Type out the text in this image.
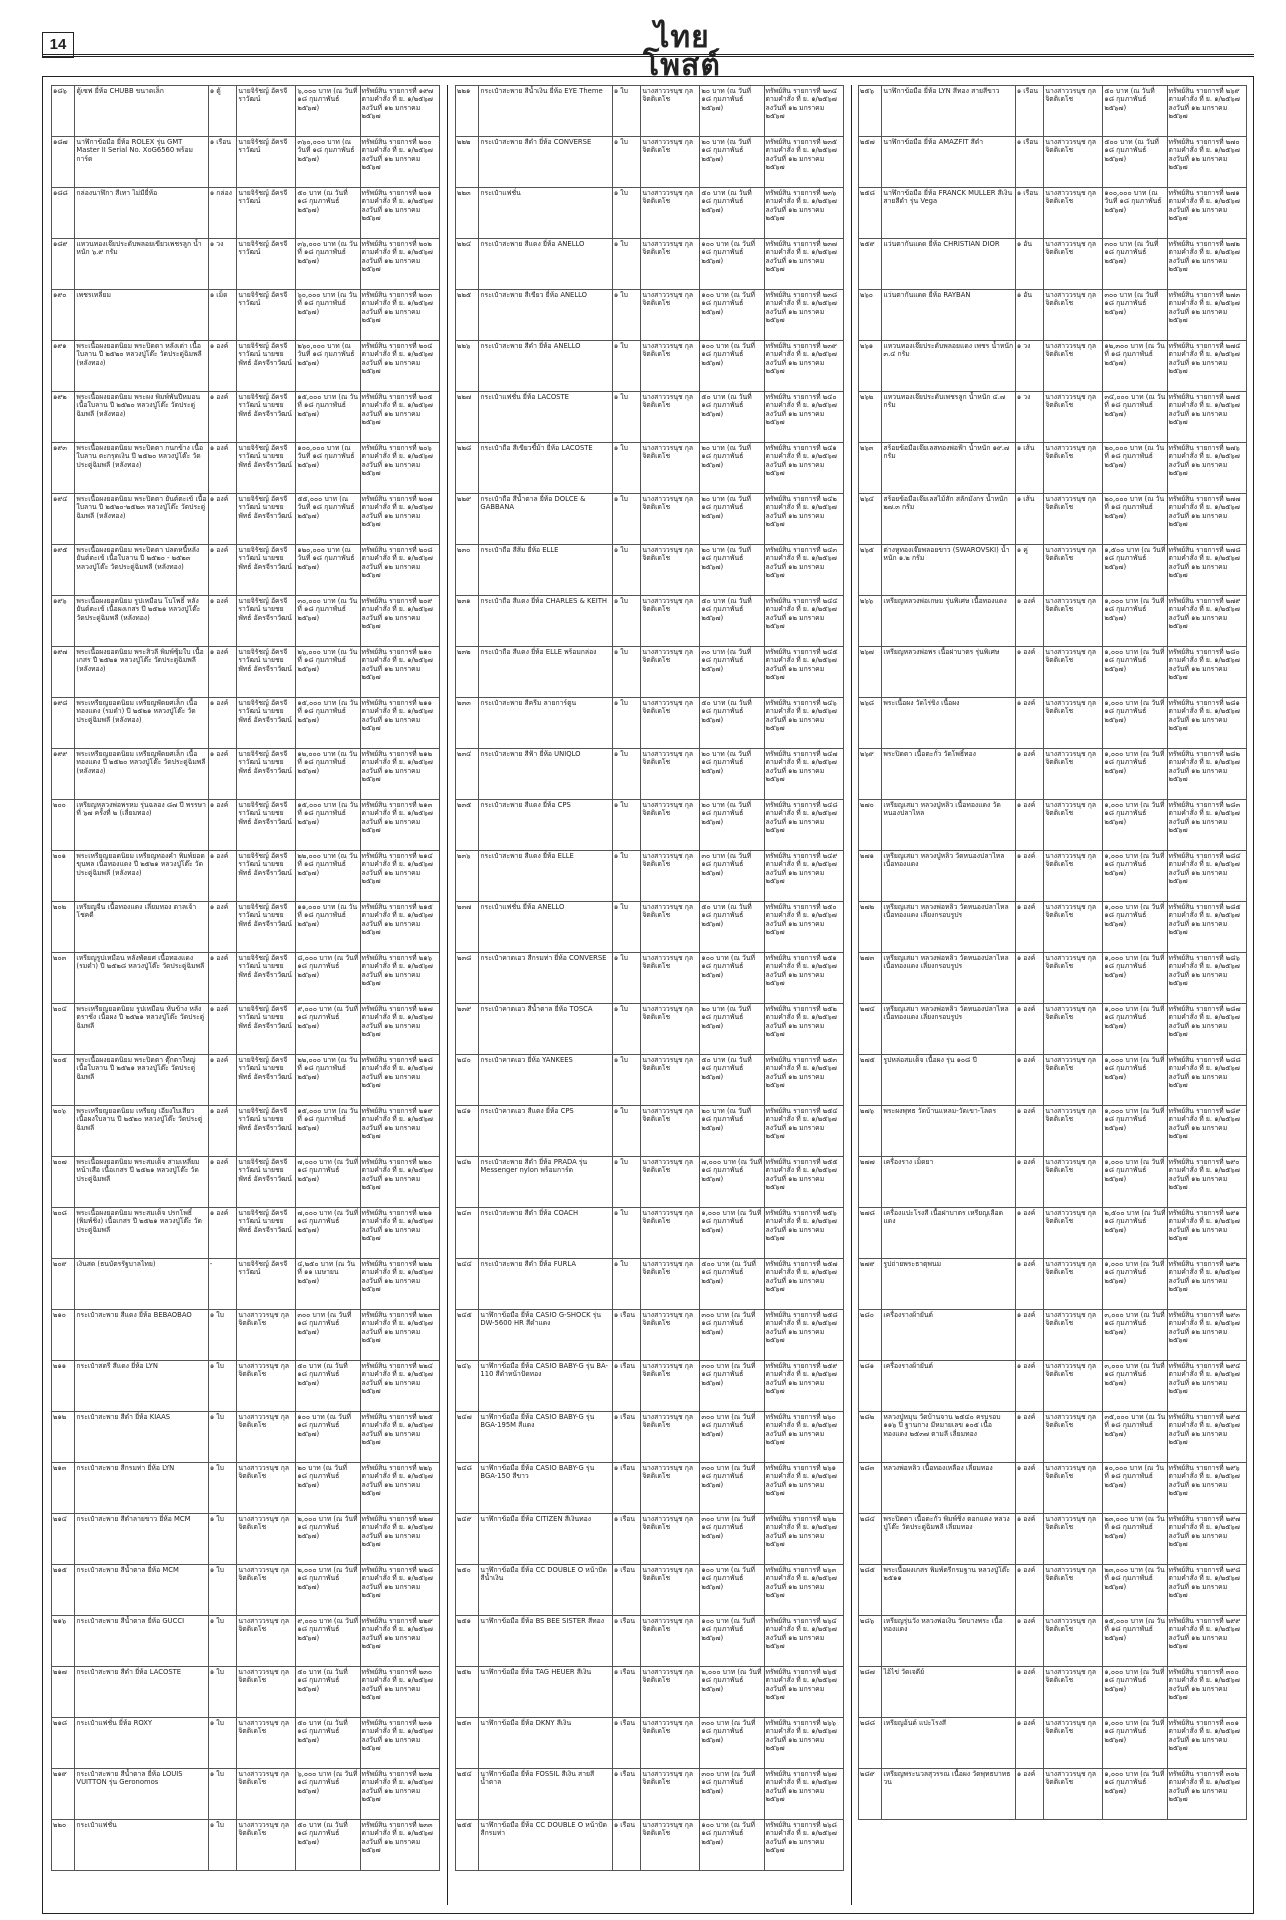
14	ไทยโพสต์
๑๘๖	ตู้เซฟ ยี่ห้อ CHUBB ขนาดเล็ก	๑ ตู้	นายจิรัชญ์ อัครจีราวัฒน์	๖,๐๐๐ บาท (ณ วันที่ ๑๘ กุมภาพันธ์ ๒๕๖๗)	ทรัพย์สิน รายการที่ ๑๙๗ ตามคำสั่ง ที่ ย. ๑/๒๕๖๗ ลงวันที่ ๑๒ มกราคม ๒๕๖๗
๑๘๗	นาฬิกาข้อมือ ยี่ห้อ ROLEX รุ่น GMT Master II Serial No. XoG6560 พร้อมการ์ด	๑ เรือน	นายจิรัชญ์ อัครจีราวัฒน์	๓๖๐,๐๐๐ บาท (ณ วันที่ ๑๘ กุมภาพันธ์ ๒๕๖๗)	ทรัพย์สิน รายการที่ ๒๐๐ ตามคำสั่ง ที่ ย. ๑/๒๕๖๗ ลงวันที่ ๑๒ มกราคม ๒๕๖๗
๑๘๘	กล่องนาฬิกา สีเทา ไม่มียี่ห้อ	๑ กล่อง	นายจิรัชญ์ อัครจีราวัฒน์	๕๐ บาท (ณ วันที่ ๑๘ กุมภาพันธ์ ๒๕๖๗)	ทรัพย์สิน รายการที่ ๒๐๑ ตามคำสั่ง ที่ ย. ๑/๒๕๖๗ ลงวันที่ ๑๒ มกราคม ๒๕๖๗
๑๘๙	แหวนทองเจ๊ยประดับพลอยเขียวเพชรลูก น้ำหนัก ๖.๙ กรัม	๑ วง	นายจิรัชญ์ อัครจีราวัฒน์	๓๖,๐๐๐ บาท (ณ วันที่ ๑๘ กุมภาพันธ์ ๒๕๖๗)	ทรัพย์สิน รายการที่ ๒๐๒ ตามคำสั่ง ที่ ย. ๑/๒๕๖๗ ลงวันที่ ๑๒ มกราคม ๒๕๖๗
๑๙๐	เพชรเหลี่ยม	๑ เม็ด	นายจิรัชญ์ อัครจีราวัฒน์	๖๐,๐๐๐ บาท (ณ วันที่ ๑๘ กุมภาพันธ์ ๒๕๖๗)	ทรัพย์สิน รายการที่ ๒๐๓ ตามคำสั่ง ที่ ย. ๑/๒๕๖๗ ลงวันที่ ๑๒ มกราคม ๒๕๖๗
๑๙๑	พระเนื้อผงยอดนิยม พระปิดตา หลังเต่า เนื้อใบลาน ปี ๒๕๒๐ หลวงปู่โต๊ะ วัดประดู่ฉิมพลี (หลังทอง)	๑ องค์	นายจิรัชญ์ อัครจีราวัฒน์ นายชยพัทธ์ อัครจีราวัฒน์	๒๖๐,๐๐๐ บาท (ณ วันที่ ๑๘ กุมภาพันธ์ ๒๕๖๗)	ทรัพย์สิน รายการที่ ๒๐๔ ตามคำสั่ง ที่ ย. ๑/๒๕๖๗ ลงวันที่ ๑๒ มกราคม ๒๕๖๗
๑๙๒	พระเนื้อผงยอดนิยม พระผง พิมพ์พันปีหมอน เนื้อใบลาน ปี ๒๕๒๐ หลวงปู่โต๊ะ วัดประดู่ฉิมพลี (หลังทอง)	๑ องค์	นายจิรัชญ์ อัครจีราวัฒน์ นายชยพัทธ์ อัครจีราวัฒน์	๑๕,๐๐๐ บาท (ณ วันที่ ๑๘ กุมภาพันธ์ ๒๕๖๗)	ทรัพย์สิน รายการที่ ๒๐๕ ตามคำสั่ง ที่ ย. ๑/๒๕๖๗ ลงวันที่ ๑๒ มกราคม ๒๕๖๗
๑๙๓	พระเนื้อผงยอดนิยม พระปิดตา กนกข้าง เนื้อใบลาน ตะกรุดเงิน ปี ๒๕๒๐ หลวงปู่โต๊ะ วัดประดู่ฉิมพลี (หลังทอง)	๑ องค์	นายจิรัชญ์ อัครจีราวัฒน์ นายชยพัทธ์ อัครจีราวัฒน์	๑๐๐,๐๐๐ บาท (ณ วันที่ ๑๘ กุมภาพันธ์ ๒๕๖๗)	ทรัพย์สิน รายการที่ ๒๐๖ ตามคำสั่ง ที่ ย. ๑/๒๕๖๗ ลงวันที่ ๑๒ มกราคม ๒๕๖๗
๑๙๔	พระเนื้อผงยอดนิยม พระปิดตา ยันต์ตะเข้ เนื้อใบลาน ปี ๒๕๒๐-๒๕๒๓ หลวงปู่โต๊ะ วัดประดู่ฉิมพลี (หลังทอง)	๑ องค์	นายจิรัชญ์ อัครจีราวัฒน์ นายชยพัทธ์ อัครจีราวัฒน์	๕๕,๐๐๐ บาท (ณ วันที่ ๑๘ กุมภาพันธ์ ๒๕๖๗)	ทรัพย์สิน รายการที่ ๒๐๗ ตามคำสั่ง ที่ ย. ๑/๒๕๖๗ ลงวันที่ ๑๒ มกราคม ๒๕๖๗
๑๙๕	พระเนื้อผงยอดนิยม พระปิดตา ปลดหนี้หลังยันต์ตะเข้ เนื้อใบลาน ปี ๒๕๒๐ - ๒๕๒๓ หลวงปู่โต๊ะ วัดประดู่ฉิมพลี (หลังทอง)	๑ องค์	นายจิรัชญ์ อัครจีราวัฒน์ นายชยพัทธ์ อัครจีราวัฒน์	๑๒๐,๐๐๐ บาท (ณ วันที่ ๑๘ กุมภาพันธ์ ๒๕๖๗)	ทรัพย์สิน รายการที่ ๒๐๘ ตามคำสั่ง ที่ ย. ๑/๒๕๖๗ ลงวันที่ ๑๒ มกราคม ๒๕๖๗
๑๙๖	พระเนื้อผงยอดนิยม รูปเหมือน โบโพธิ์ หลังยันต์ตะเข้ เนื้อผงเกสร ปี ๒๕๒๑ หลวงปู่โต๊ะ วัดประดู่ฉิมพลี (หลังทอง)	๑ องค์	นายจิรัชญ์ อัครจีราวัฒน์ นายชยพัทธ์ อัครจีราวัฒน์	๓๐,๐๐๐ บาท (ณ วันที่ ๑๘ กุมภาพันธ์ ๒๕๖๗)	ทรัพย์สิน รายการที่ ๒๐๙ ตามคำสั่ง ที่ ย. ๑/๒๕๖๗ ลงวันที่ ๑๒ มกราคม ๒๕๖๗
๑๙๗	พระเนื้อผงยอดนิยม พระสิวลี พิมพ์ซุ้มใบ เนื้อเกสร ปี ๒๕๒๑ หลวงปู่โต๊ะ วัดประดู่ฉิมพลี (หลังทอง)	๑ องค์	นายจิรัชญ์ อัครจีราวัฒน์ นายชยพัทธ์ อัครจีราวัฒน์	๒๖,๐๐๐ บาท (ณ วันที่ ๑๘ กุมภาพันธ์ ๒๕๖๗)	ทรัพย์สิน รายการที่ ๒๑๐ ตามคำสั่ง ที่ ย. ๑/๒๕๖๗ ลงวันที่ ๑๒ มกราคม ๒๕๖๗
๑๙๘	พระเหรียญยอดนิยม เหรียญพัดยศเล็ก เนื้อทองแดง (รมดำ) ปี ๒๕๒๑ หลวงปู่โต๊ะ วัดประดู่ฉิมพลี (หลังทอง)	๑ องค์	นายจิรัชญ์ อัครจีราวัฒน์ นายชยพัทธ์ อัครจีราวัฒน์	๑๕,๐๐๐ บาท (ณ วันที่ ๑๘ กุมภาพันธ์ ๒๕๖๗)	ทรัพย์สิน รายการที่ ๒๑๑ ตามคำสั่ง ที่ ย. ๑/๒๕๖๗ ลงวันที่ ๑๒ มกราคม ๒๕๖๗
๑๙๙	พระเหรียญยอดนิยม เหรียญพัดยศเล็ก เนื้อทองแดง ปี ๒๕๒๐ หลวงปู่โต๊ะ วัดประดู่ฉิมพลี (หลังทอง)	๑ องค์	นายจิรัชญ์ อัครจีราวัฒน์ นายชยพัทธ์ อัครจีราวัฒน์	๑๒,๐๐๐ บาท (ณ วันที่ ๑๘ กุมภาพันธ์ ๒๕๖๗)	ทรัพย์สิน รายการที่ ๒๑๒ ตามคำสั่ง ที่ ย. ๑/๒๕๖๗ ลงวันที่ ๑๒ มกราคม ๒๕๖๗
๒๐๐	เหรียญหลวงพ่อพรหม รุ่นฉลอง ๘๗ ปี พรรษาที่ ๖๗ ครั้งที่ ๒ (เลี่ยมทอง)	๑ องค์	นายจิรัชญ์ อัครจีราวัฒน์ นายชยพัทธ์ อัครจีราวัฒน์	๑๕,๐๐๐ บาท (ณ วันที่ ๑๘ กุมภาพันธ์ ๒๕๖๗)	ทรัพย์สิน รายการที่ ๒๑๓ ตามคำสั่ง ที่ ย. ๑/๒๕๖๗ ลงวันที่ ๑๒ มกราคม ๒๕๖๗
๒๐๑	พระเหรียญยอดนิยม เหรียญทองคำ พิมพ์ยอดขุนพล เนื้อทองแดง ปี ๒๕๒๑ หลวงปู่โต๊ะ วัดประดู่ฉิมพลี (หลังทอง)	๑ องค์	นายจิรัชญ์ อัครจีราวัฒน์ นายชยพัทธ์ อัครจีราวัฒน์	๒๒,๐๐๐ บาท (ณ วันที่ ๑๘ กุมภาพันธ์ ๒๕๖๗)	ทรัพย์สิน รายการที่ ๒๑๔ ตามคำสั่ง ที่ ย. ๑/๒๕๖๗ ลงวันที่ ๑๒ มกราคม ๒๕๖๗
๒๐๒	เหรียญจีน เนื้อทองแดง เลี่ยมทอง ตาลเจ้าโชคดี	๑ องค์	นายจิรัชญ์ อัครจีราวัฒน์ นายชยพัทธ์ อัครจีราวัฒน์	๑๑,๐๐๐ บาท (ณ วันที่ ๑๘ กุมภาพันธ์ ๒๕๖๗)	ทรัพย์สิน รายการที่ ๒๑๕ ตามคำสั่ง ที่ ย. ๑/๒๕๖๗ ลงวันที่ ๑๒ มกราคม ๒๕๖๗
๒๐๓	เหรียญรูปเหมือน หลังพัดยศ เนื้อทองแดง (รมดำ) ปี ๒๕๒๘ หลวงปู่โต๊ะ วัดประดู่ฉิมพลี	๑ องค์	นายจิรัชญ์ อัครจีราวัฒน์ นายชยพัทธ์ อัครจีราวัฒน์	๘,๐๐๐ บาท (ณ วันที่ ๑๘ กุมภาพันธ์ ๒๕๖๗)	ทรัพย์สิน รายการที่ ๒๑๖ ตามคำสั่ง ที่ ย. ๑/๒๕๖๗ ลงวันที่ ๑๒ มกราคม ๒๕๖๗
๒๐๔	พระเหรียญยอดนิยม รูปเหมือน หันข้าง หลังตราชั่ง เนื้อผง ปี ๒๕๒๑ หลวงปู่โต๊ะ วัดประดู่ฉิมพลี	๑ องค์	นายจิรัชญ์ อัครจีราวัฒน์ นายชยพัทธ์ อัครจีราวัฒน์	๙,๐๐๐ บาท (ณ วันที่ ๑๘ กุมภาพันธ์ ๒๕๖๗)	ทรัพย์สิน รายการที่ ๒๑๗ ตามคำสั่ง ที่ ย. ๑/๒๕๖๗ ลงวันที่ ๑๒ มกราคม ๒๕๖๗
๒๐๕	พระเนื้อผงยอดนิยม พระปิดตา ตุ๊กตาใหญ่ เนื้อใบลาน ปี ๒๕๒๑ หลวงปู่โต๊ะ วัดประดู่ฉิมพลี	๑ องค์	นายจิรัชญ์ อัครจีราวัฒน์ นายชยพัทธ์ อัครจีราวัฒน์	๒๒,๐๐๐ บาท (ณ วันที่ ๑๘ กุมภาพันธ์ ๒๕๖๗)	ทรัพย์สิน รายการที่ ๒๑๘ ตามคำสั่ง ที่ ย. ๑/๒๕๖๗ ลงวันที่ ๑๒ มกราคม ๒๕๖๗
๒๐๖	พระเหรียญยอดนิยม เหรียญ เอียงใบเสียว เนื้อผงใบลาน ปี ๒๕๒๐ หลวงปู่โต๊ะ วัดประดู่ฉิมพลี	๑ องค์	นายจิรัชญ์ อัครจีราวัฒน์ นายชยพัทธ์ อัครจีราวัฒน์	๑๕,๐๐๐ บาท (ณ วันที่ ๑๘ กุมภาพันธ์ ๒๕๖๗)	ทรัพย์สิน รายการที่ ๒๑๙ ตามคำสั่ง ที่ ย. ๑/๒๕๖๗ ลงวันที่ ๑๒ มกราคม ๒๕๖๗
๒๐๗	พระเนื้อผงยอดนิยม พระสมเด็จ สามเหลี่ยมหน้าเสือ เนื้อเกสร ปี ๒๕๒๑ หลวงปู่โต๊ะ วัดประดู่ฉิมพลี	๑ องค์	นายจิรัชญ์ อัครจีราวัฒน์ นายชยพัทธ์ อัครจีราวัฒน์	๗,๐๐๐ บาท (ณ วันที่ ๑๘ กุมภาพันธ์ ๒๕๖๗)	ทรัพย์สิน รายการที่ ๒๒๐ ตามคำสั่ง ที่ ย. ๑/๒๕๖๗ ลงวันที่ ๑๒ มกราคม ๒๕๖๗
๒๐๘	พระเนื้อผงยอดนิยม พระสมเด็จ ปรกโพธิ์ (พิมพ์ชิ่ง) เนื้อเกสร ปี ๒๕๒๑ หลวงปู่โต๊ะ วัดประดู่ฉิมพลี	๑ องค์	นายจิรัชญ์ อัครจีราวัฒน์ นายชยพัทธ์ อัครจีราวัฒน์	๗,๐๐๐ บาท (ณ วันที่ ๑๘ กุมภาพันธ์ ๒๕๖๗)	ทรัพย์สิน รายการที่ ๒๒๑ ตามคำสั่ง ที่ ย. ๑/๒๕๖๗ ลงวันที่ ๑๒ มกราคม ๒๕๖๗
๒๐๙	เงินสด (ธนบัตรรัฐบาลไทย)	-	นายจิรัชญ์ อัครจีราวัฒน์	๔,๒๕๐ บาท (ณ วันที่ ๑๑ เมษายน ๒๕๖๗)	ทรัพย์สิน รายการที่ ๒๒๒ ตามคำสั่ง ที่ ย. ๑/๒๕๖๗ ลงวันที่ ๑๒ มกราคม ๒๕๖๗
๒๑๐	กระเป๋าสะพาย สีแดง ยี่ห้อ BEBAOBAO	๑ ใบ	นางสาววรนุช กุลจิตติเดโช	๓๐๐ บาท (ณ วันที่ ๑๘ กุมภาพันธ์ ๒๕๖๗)	ทรัพย์สิน รายการที่ ๒๒๓ ตามคำสั่ง ที่ ย. ๑/๒๕๖๗ ลงวันที่ ๑๒ มกราคม ๒๕๖๗
๒๑๑	กระเป๋าสตรี สีแดง ยี่ห้อ LYN	๑ ใบ	นางสาววรนุช กุลจิตติเดโช	๕๐ บาท (ณ วันที่ ๑๘ กุมภาพันธ์ ๒๕๖๗)	ทรัพย์สิน รายการที่ ๒๒๔ ตามคำสั่ง ที่ ย. ๑/๒๕๖๗ ลงวันที่ ๑๒ มกราคม ๒๕๖๗
๒๑๒	กระเป๋าสะพาย สีดำ ยี่ห้อ KIAAS	๑ ใบ	นางสาววรนุช กุลจิตติเดโช	๑๐๐ บาท (ณ วันที่ ๑๘ กุมภาพันธ์ ๒๕๖๗)	ทรัพย์สิน รายการที่ ๒๒๕ ตามคำสั่ง ที่ ย. ๑/๒๕๖๗ ลงวันที่ ๑๒ มกราคม ๒๕๖๗
๒๑๓	กระเป๋าสะพาย สีกรมท่า ยี่ห้อ LYN	๑ ใบ	นางสาววรนุช กุลจิตติเดโช	๒๐ บาท (ณ วันที่ ๑๘ กุมภาพันธ์ ๒๕๖๗)	ทรัพย์สิน รายการที่ ๒๒๖ ตามคำสั่ง ที่ ย. ๑/๒๕๖๗ ลงวันที่ ๑๒ มกราคม ๒๕๖๗
๒๑๔	กระเป๋าสะพาย สีดำลายขาว ยี่ห้อ MCM	๑ ใบ	นางสาววรนุช กุลจิตติเดโช	๒,๐๐๐ บาท (ณ วันที่ ๑๘ กุมภาพันธ์ ๒๕๖๗)	ทรัพย์สิน รายการที่ ๒๒๗ ตามคำสั่ง ที่ ย. ๑/๒๕๖๗ ลงวันที่ ๑๒ มกราคม ๒๕๖๗
๒๑๕	กระเป๋าสะพาย สีน้ำตาล ยี่ห้อ MCM	๑ ใบ	นางสาววรนุช กุลจิตติเดโช	๒,๐๐๐ บาท (ณ วันที่ ๑๘ กุมภาพันธ์ ๒๕๖๗)	ทรัพย์สิน รายการที่ ๒๒๘ ตามคำสั่ง ที่ ย. ๑/๒๕๖๗ ลงวันที่ ๑๒ มกราคม ๒๕๖๗
๒๑๖	กระเป๋าสะพาย สีน้ำตาล ยี่ห้อ GUCCI	๑ ใบ	นางสาววรนุช กุลจิตติเดโช	๙,๐๐๐ บาท (ณ วันที่ ๑๘ กุมภาพันธ์ ๒๕๖๗)	ทรัพย์สิน รายการที่ ๒๒๙ ตามคำสั่ง ที่ ย. ๑/๒๕๖๗ ลงวันที่ ๑๒ มกราคม ๒๕๖๗
๒๑๗	กระเป๋าสะพาย สีดำ ยี่ห้อ LACOSTE	๑ ใบ	นางสาววรนุช กุลจิตติเดโช	๕๐ บาท (ณ วันที่ ๑๘ กุมภาพันธ์ ๒๕๖๗)	ทรัพย์สิน รายการที่ ๒๓๐ ตามคำสั่ง ที่ ย. ๑/๒๕๖๗ ลงวันที่ ๑๒ มกราคม ๒๕๖๗
๒๑๘	กระเป๋าแฟชั่น ยี่ห้อ ROXY	๑ ใบ	นางสาววรนุช กุลจิตติเดโช	๕๐ บาท (ณ วันที่ ๑๘ กุมภาพันธ์ ๒๕๖๗)	ทรัพย์สิน รายการที่ ๒๓๑ ตามคำสั่ง ที่ ย. ๑/๒๕๖๗ ลงวันที่ ๑๒ มกราคม ๒๕๖๗
๒๑๙	กระเป๋าสะพาย สีน้ำตาล ยี่ห้อ LOUIS VUITTON รุ่น Geronomos	๑ ใบ	นางสาววรนุช กุลจิตติเดโช	๖,๐๐๐ บาท (ณ วันที่ ๑๘ กุมภาพันธ์ ๒๕๖๗)	ทรัพย์สิน รายการที่ ๒๓๒ ตามคำสั่ง ที่ ย. ๑/๒๕๖๗ ลงวันที่ ๑๒ มกราคม ๒๕๖๗
๒๒๐	กระเป๋าแฟชั่น	๑ ใบ	นางสาววรนุช กุลจิตติเดโช	๕๐ บาท (ณ วันที่ ๑๘ กุมภาพันธ์ ๒๕๖๗)	ทรัพย์สิน รายการที่ ๒๓๓ ตามคำสั่ง ที่ ย. ๑/๒๕๖๗ ลงวันที่ ๑๒ มกราคม ๒๕๖๗
๒๒๑	กระเป๋าสะพาย สีน้ำเงิน ยี่ห้อ EYE Theme	๑ ใบ	นางสาววรนุช กุลจิตติเดโช	๒๐ บาท (ณ วันที่ ๑๘ กุมภาพันธ์ ๒๕๖๗)	ทรัพย์สิน รายการที่ ๒๓๔ ตามคำสั่ง ที่ ย. ๑/๒๕๖๗ ลงวันที่ ๑๒ มกราคม ๒๕๖๗
๒๒๒	กระเป๋าสะพาย สีดำ ยี่ห้อ CONVERSE	๑ ใบ	นางสาววรนุช กุลจิตติเดโช	๒๐ บาท (ณ วันที่ ๑๘ กุมภาพันธ์ ๒๕๖๗)	ทรัพย์สิน รายการที่ ๒๓๕ ตามคำสั่ง ที่ ย. ๑/๒๕๖๗ ลงวันที่ ๑๒ มกราคม ๒๕๖๗
๒๒๓	กระเป๋าแฟชั่น	๑ ใบ	นางสาววรนุช กุลจิตติเดโช	๕๐ บาท (ณ วันที่ ๑๘ กุมภาพันธ์ ๒๕๖๗)	ทรัพย์สิน รายการที่ ๒๓๖ ตามคำสั่ง ที่ ย. ๑/๒๕๖๗ ลงวันที่ ๑๒ มกราคม ๒๕๖๗
๒๒๔	กระเป๋าสะพาย สีแดง ยี่ห้อ ANELLO	๑ ใบ	นางสาววรนุช กุลจิตติเดโช	๑๐๐ บาท (ณ วันที่ ๑๘ กุมภาพันธ์ ๒๕๖๗)	ทรัพย์สิน รายการที่ ๒๓๗ ตามคำสั่ง ที่ ย. ๑/๒๕๖๗ ลงวันที่ ๑๒ มกราคม ๒๕๖๗
๒๒๕	กระเป๋าสะพาย สีเขียว ยี่ห้อ ANELLO	๑ ใบ	นางสาววรนุช กุลจิตติเดโช	๑๐๐ บาท (ณ วันที่ ๑๘ กุมภาพันธ์ ๒๕๖๗)	ทรัพย์สิน รายการที่ ๒๓๘ ตามคำสั่ง ที่ ย. ๑/๒๕๖๗ ลงวันที่ ๑๒ มกราคม ๒๕๖๗
๒๒๖	กระเป๋าสะพาย สีดำ ยี่ห้อ ANELLO	๑ ใบ	นางสาววรนุช กุลจิตติเดโช	๑๐๐ บาท (ณ วันที่ ๑๘ กุมภาพันธ์ ๒๕๖๗)	ทรัพย์สิน รายการที่ ๒๓๙ ตามคำสั่ง ที่ ย. ๑/๒๕๖๗ ลงวันที่ ๑๒ มกราคม ๒๕๖๗
๒๒๗	กระเป๋าแฟชั่น ยี่ห้อ LACOSTE	๑ ใบ	นางสาววรนุช กุลจิตติเดโช	๕๐ บาท (ณ วันที่ ๑๘ กุมภาพันธ์ ๒๕๖๗)	ทรัพย์สิน รายการที่ ๒๔๐ ตามคำสั่ง ที่ ย. ๑/๒๕๖๗ ลงวันที่ ๑๒ มกราคม ๒๕๖๗
๒๒๘	กระเป๋าถือ สีเขียวขี้ม้า ยี่ห้อ LACOSTE	๑ ใบ	นางสาววรนุช กุลจิตติเดโช	๒๐ บาท (ณ วันที่ ๑๘ กุมภาพันธ์ ๒๕๖๗)	ทรัพย์สิน รายการที่ ๒๔๑ ตามคำสั่ง ที่ ย. ๑/๒๕๖๗ ลงวันที่ ๑๒ มกราคม ๒๕๖๗
๒๒๙	กระเป๋าถือ สีน้ำตาล ยี่ห้อ DOLCE & GABBANA	๑ ใบ	นางสาววรนุช กุลจิตติเดโช	๒๐ บาท (ณ วันที่ ๑๘ กุมภาพันธ์ ๒๕๖๗)	ทรัพย์สิน รายการที่ ๒๔๒ ตามคำสั่ง ที่ ย. ๑/๒๕๖๗ ลงวันที่ ๑๒ มกราคม ๒๕๖๗
๒๓๐	กระเป๋าถือ สีส้ม ยี่ห้อ ELLE	๑ ใบ	นางสาววรนุช กุลจิตติเดโช	๒๐ บาท (ณ วันที่ ๑๘ กุมภาพันธ์ ๒๕๖๗)	ทรัพย์สิน รายการที่ ๒๔๓ ตามคำสั่ง ที่ ย. ๑/๒๕๖๗ ลงวันที่ ๑๒ มกราคม ๒๕๖๗
๒๓๑	กระเป๋าถือ สีแดง ยี่ห้อ CHARLES & KEITH	๑ ใบ	นางสาววรนุช กุลจิตติเดโช	๕๐ บาท (ณ วันที่ ๑๘ กุมภาพันธ์ ๒๕๖๗)	ทรัพย์สิน รายการที่ ๒๔๔ ตามคำสั่ง ที่ ย. ๑/๒๕๖๗ ลงวันที่ ๑๒ มกราคม ๒๕๖๗
๒๓๒	กระเป๋าถือ สีแดง ยี่ห้อ ELLE พร้อมกล่อง	๑ ใบ	นางสาววรนุช กุลจิตติเดโช	๓๐ บาท (ณ วันที่ ๑๘ กุมภาพันธ์ ๒๕๖๗)	ทรัพย์สิน รายการที่ ๒๔๕ ตามคำสั่ง ที่ ย. ๑/๒๕๖๗ ลงวันที่ ๑๒ มกราคม ๒๕๖๗
๒๓๓	กระเป๋าสะพาย สีครีม ลายการ์ตูน	๑ ใบ	นางสาววรนุช กุลจิตติเดโช	๕๐ บาท (ณ วันที่ ๑๘ กุมภาพันธ์ ๒๕๖๗)	ทรัพย์สิน รายการที่ ๒๔๖ ตามคำสั่ง ที่ ย. ๑/๒๕๖๗ ลงวันที่ ๑๒ มกราคม ๒๕๖๗
๒๓๔	กระเป๋าสะพาย สีฟ้า ยี่ห้อ UNIQLO	๑ ใบ	นางสาววรนุช กุลจิตติเดโช	๒๐ บาท (ณ วันที่ ๑๘ กุมภาพันธ์ ๒๕๖๗)	ทรัพย์สิน รายการที่ ๒๔๗ ตามคำสั่ง ที่ ย. ๑/๒๕๖๗ ลงวันที่ ๑๒ มกราคม ๒๕๖๗
๒๓๕	กระเป๋าสะพาย สีแดง ยี่ห้อ CPS	๑ ใบ	นางสาววรนุช กุลจิตติเดโช	๒๐ บาท (ณ วันที่ ๑๘ กุมภาพันธ์ ๒๕๖๗)	ทรัพย์สิน รายการที่ ๒๔๘ ตามคำสั่ง ที่ ย. ๑/๒๕๖๗ ลงวันที่ ๑๒ มกราคม ๒๕๖๗
๒๓๖	กระเป๋าสะพาย สีแดง ยี่ห้อ ELLE	๑ ใบ	นางสาววรนุช กุลจิตติเดโช	๓๐ บาท (ณ วันที่ ๑๘ กุมภาพันธ์ ๒๕๖๗)	ทรัพย์สิน รายการที่ ๒๔๙ ตามคำสั่ง ที่ ย. ๑/๒๕๖๗ ลงวันที่ ๑๒ มกราคม ๒๕๖๗
๒๓๗	กระเป๋าแฟชั่น ยี่ห้อ ANELLO	๑ ใบ	นางสาววรนุช กุลจิตติเดโช	๕๐ บาท (ณ วันที่ ๑๘ กุมภาพันธ์ ๒๕๖๗)	ทรัพย์สิน รายการที่ ๒๕๐ ตามคำสั่ง ที่ ย. ๑/๒๕๖๗ ลงวันที่ ๑๒ มกราคม ๒๕๖๗
๒๓๘	กระเป๋าคาดเอว สีกรมท่า ยี่ห้อ CONVERSE	๑ ใบ	นางสาววรนุช กุลจิตติเดโช	๑๐๐ บาท (ณ วันที่ ๑๘ กุมภาพันธ์ ๒๕๖๗)	ทรัพย์สิน รายการที่ ๒๕๑ ตามคำสั่ง ที่ ย. ๑/๒๕๖๗ ลงวันที่ ๑๒ มกราคม ๒๕๖๗
๒๓๙	กระเป๋าคาดเอว สีน้ำตาล ยี่ห้อ TOSCA	๑ ใบ	นางสาววรนุช กุลจิตติเดโช	๒๐ บาท (ณ วันที่ ๑๘ กุมภาพันธ์ ๒๕๖๗)	ทรัพย์สิน รายการที่ ๒๕๒ ตามคำสั่ง ที่ ย. ๑/๒๕๖๗ ลงวันที่ ๑๒ มกราคม ๒๕๖๗
๒๔๐	กระเป๋าคาดเอว ยี่ห้อ YANKEES	๑ ใบ	นางสาววรนุช กุลจิตติเดโช	๕๐ บาท (ณ วันที่ ๑๘ กุมภาพันธ์ ๒๕๖๗)	ทรัพย์สิน รายการที่ ๒๕๓ ตามคำสั่ง ที่ ย. ๑/๒๕๖๗ ลงวันที่ ๑๒ มกราคม ๒๕๖๗
๒๔๑	กระเป๋าคาดเอว สีแดง ยี่ห้อ CPS	๑ ใบ	นางสาววรนุช กุลจิตติเดโช	๒๐ บาท (ณ วันที่ ๑๘ กุมภาพันธ์ ๒๕๖๗)	ทรัพย์สิน รายการที่ ๒๕๔ ตามคำสั่ง ที่ ย. ๑/๒๕๖๗ ลงวันที่ ๑๒ มกราคม ๒๕๖๗
๒๔๒	กระเป๋าสะพาย สีดำ ยี่ห้อ PRADA รุ่น Messenger nylon พร้อมการ์ด	๑ ใบ	นางสาววรนุช กุลจิตติเดโช	๗,๐๐๐ บาท (ณ วันที่ ๑๘ กุมภาพันธ์ ๒๕๖๗)	ทรัพย์สิน รายการที่ ๒๕๕ ตามคำสั่ง ที่ ย. ๑/๒๕๖๗ ลงวันที่ ๑๒ มกราคม ๒๕๖๗
๒๔๓	กระเป๋าสะพาย สีดำ ยี่ห้อ COACH	๑ ใบ	นางสาววรนุช กุลจิตติเดโช	๑,๐๐๐ บาท (ณ วันที่ ๑๘ กุมภาพันธ์ ๒๕๖๗)	ทรัพย์สิน รายการที่ ๒๕๖ ตามคำสั่ง ที่ ย. ๑/๒๕๖๗ ลงวันที่ ๑๒ มกราคม ๒๕๖๗
๒๔๔	กระเป๋าสะพาย สีดำ ยี่ห้อ FURLA	๑ ใบ	นางสาววรนุช กุลจิตติเดโช	๕๐๐ บาท (ณ วันที่ ๑๘ กุมภาพันธ์ ๒๕๖๗)	ทรัพย์สิน รายการที่ ๒๕๗ ตามคำสั่ง ที่ ย. ๑/๒๕๖๗ ลงวันที่ ๑๒ มกราคม ๒๕๖๗
๒๔๕	นาฬิกาข้อมือ ยี่ห้อ CASIO G-SHOCK รุ่น DW-5600 HR สีดำแดง	๑ เรือน	นางสาววรนุช กุลจิตติเดโช	๓๐๐ บาท (ณ วันที่ ๑๘ กุมภาพันธ์ ๒๕๖๗)	ทรัพย์สิน รายการที่ ๒๕๘ ตามคำสั่ง ที่ ย. ๑/๒๕๖๗ ลงวันที่ ๑๒ มกราคม ๒๕๖๗
๒๔๖	นาฬิกาข้อมือ ยี่ห้อ CASIO BABY-G รุ่น BA-110 สีดำหน้าปัดทอง	๑ เรือน	นางสาววรนุช กุลจิตติเดโช	๓๐๐ บาท (ณ วันที่ ๑๘ กุมภาพันธ์ ๒๕๖๗)	ทรัพย์สิน รายการที่ ๒๕๙ ตามคำสั่ง ที่ ย. ๑/๒๕๖๗ ลงวันที่ ๑๒ มกราคม ๒๕๖๗
๒๔๗	นาฬิกาข้อมือ ยี่ห้อ CASIO BABY-G รุ่น BGA-195M สีแดง	๑ เรือน	นางสาววรนุช กุลจิตติเดโช	๓๐๐ บาท (ณ วันที่ ๑๘ กุมภาพันธ์ ๒๕๖๗)	ทรัพย์สิน รายการที่ ๒๖๐ ตามคำสั่ง ที่ ย. ๑/๒๕๖๗ ลงวันที่ ๑๒ มกราคม ๒๕๖๗
๒๔๘	นาฬิกาข้อมือ ยี่ห้อ CASIO BABY-G รุ่น BGA-150 สีขาว	๑ เรือน	นางสาววรนุช กุลจิตติเดโช	๓๐๐ บาท (ณ วันที่ ๑๘ กุมภาพันธ์ ๒๕๖๗)	ทรัพย์สิน รายการที่ ๒๖๑ ตามคำสั่ง ที่ ย. ๑/๒๕๖๗ ลงวันที่ ๑๒ มกราคม ๒๕๖๗
๒๔๙	นาฬิกาข้อมือ ยี่ห้อ CITIZEN สีเงินทอง	๑ เรือน	นางสาววรนุช กุลจิตติเดโช	๓๐๐ บาท (ณ วันที่ ๑๘ กุมภาพันธ์ ๒๕๖๗)	ทรัพย์สิน รายการที่ ๒๖๒ ตามคำสั่ง ที่ ย. ๑/๒๕๖๗ ลงวันที่ ๑๒ มกราคม ๒๕๖๗
๒๕๐	นาฬิกาข้อมือ ยี่ห้อ CC DOUBLE O หน้าปัดสีน้ำเงิน	๑ เรือน	นางสาววรนุช กุลจิตติเดโช	๑๐๐ บาท (ณ วันที่ ๑๘ กุมภาพันธ์ ๒๕๖๗)	ทรัพย์สิน รายการที่ ๒๖๓ ตามคำสั่ง ที่ ย. ๑/๒๕๖๗ ลงวันที่ ๑๒ มกราคม ๒๕๖๗
๒๕๑	นาฬิกาข้อมือ ยี่ห้อ BS BEE SISTER สีทอง	๑ เรือน	นางสาววรนุช กุลจิตติเดโช	๑๐๐ บาท (ณ วันที่ ๑๘ กุมภาพันธ์ ๒๕๖๗)	ทรัพย์สิน รายการที่ ๒๖๔ ตามคำสั่ง ที่ ย. ๑/๒๕๖๗ ลงวันที่ ๑๒ มกราคม ๒๕๖๗
๒๕๒	นาฬิกาข้อมือ ยี่ห้อ TAG HEUER สีเงิน	๑ เรือน	นางสาววรนุช กุลจิตติเดโช	๒,๐๐๐ บาท (ณ วันที่ ๑๘ กุมภาพันธ์ ๒๕๖๗)	ทรัพย์สิน รายการที่ ๒๖๕ ตามคำสั่ง ที่ ย. ๑/๒๕๖๗ ลงวันที่ ๑๒ มกราคม ๒๕๖๗
๒๕๓	นาฬิกาข้อมือ ยี่ห้อ DKNY สีเงิน	๑ เรือน	นางสาววรนุช กุลจิตติเดโช	๓๐๐ บาท (ณ วันที่ ๑๘ กุมภาพันธ์ ๒๕๖๗)	ทรัพย์สิน รายการที่ ๒๖๖ ตามคำสั่ง ที่ ย. ๑/๒๕๖๗ ลงวันที่ ๑๒ มกราคม ๒๕๖๗
๒๕๔	นาฬิกาข้อมือ ยี่ห้อ FOSSIL สีเงิน สายสีน้ำตาล	๑ เรือน	นางสาววรนุช กุลจิตติเดโช	๓๐๐ บาท (ณ วันที่ ๑๘ กุมภาพันธ์ ๒๕๖๗)	ทรัพย์สิน รายการที่ ๒๖๗ ตามคำสั่ง ที่ ย. ๑/๒๕๖๗ ลงวันที่ ๑๒ มกราคม ๒๕๖๗
๒๕๕	นาฬิกาข้อมือ ยี่ห้อ CC DOUBLE O หน้าปัดสีกรมท่า	๑ เรือน	นางสาววรนุช กุลจิตติเดโช	๑๐๐ บาท (ณ วันที่ ๑๘ กุมภาพันธ์ ๒๕๖๗)	ทรัพย์สิน รายการที่ ๒๖๘ ตามคำสั่ง ที่ ย. ๑/๒๕๖๗ ลงวันที่ ๑๒ มกราคม ๒๕๖๗
๒๕๖	นาฬิกาข้อมือ ยี่ห้อ LYN สีทอง สายสีขาว	๑ เรือน	นางสาววรนุช กุลจิตติเดโช	๕๐ บาท (ณ วันที่ ๑๘ กุมภาพันธ์ ๒๕๖๗)	ทรัพย์สิน รายการที่ ๒๖๙ ตามคำสั่ง ที่ ย. ๑/๒๕๖๗ ลงวันที่ ๑๒ มกราคม ๒๕๖๗
๒๕๗	นาฬิกาข้อมือ ยี่ห้อ AMAZFIT สีดำ	๑ เรือน	นางสาววรนุช กุลจิตติเดโช	๕๐๐ บาท (ณ วันที่ ๑๘ กุมภาพันธ์ ๒๕๖๗)	ทรัพย์สิน รายการที่ ๒๗๐ ตามคำสั่ง ที่ ย. ๑/๒๕๖๗ ลงวันที่ ๑๒ มกราคม ๒๕๖๗
๒๕๘	นาฬิกาข้อมือ ยี่ห้อ FRANCK MULLER สีเงิน สายสีดำ รุ่น Vega	๑ เรือน	นางสาววรนุช กุลจิตติเดโช	๑๐๐,๐๐๐ บาท (ณ วันที่ ๑๘ กุมภาพันธ์ ๒๕๖๗)	ทรัพย์สิน รายการที่ ๒๗๑ ตามคำสั่ง ที่ ย. ๑/๒๕๖๗ ลงวันที่ ๑๒ มกราคม ๒๕๖๗
๒๕๙	แว่นตากันแดด ยี่ห้อ CHRISTIAN DIOR	๑ อัน	นางสาววรนุช กุลจิตติเดโช	๓๐๐ บาท (ณ วันที่ ๑๘ กุมภาพันธ์ ๒๕๖๗)	ทรัพย์สิน รายการที่ ๒๗๒ ตามคำสั่ง ที่ ย. ๑/๒๕๖๗ ลงวันที่ ๑๒ มกราคม ๒๕๖๗
๒๖๐	แว่นตากันแดด ยี่ห้อ RAYBAN	๑ อัน	นางสาววรนุช กุลจิตติเดโช	๓๐๐ บาท (ณ วันที่ ๑๘ กุมภาพันธ์ ๒๕๖๗)	ทรัพย์สิน รายการที่ ๒๗๓ ตามคำสั่ง ที่ ย. ๑/๒๕๖๗ ลงวันที่ ๑๒ มกราคม ๒๕๖๗
๒๖๑	แหวนทองเจ๊ยประดับพลอยแดง เพชร น้ำหนัก ๓.๔ กรัม	๑ วง	นางสาววรนุช กุลจิตติเดโช	๑๒,๓๐๐ บาท (ณ วันที่ ๑๘ กุมภาพันธ์ ๒๕๖๗)	ทรัพย์สิน รายการที่ ๒๗๔ ตามคำสั่ง ที่ ย. ๑/๒๕๖๗ ลงวันที่ ๑๒ มกราคม ๒๕๖๗
๒๖๒	แหวนทองเจ๊ยประดับเพชรลูก น้ำหนัก ๔.๗ กรัม	๑ วง	นางสาววรนุช กุลจิตติเดโช	๓๔,๐๐๐ บาท (ณ วันที่ ๑๘ กุมภาพันธ์ ๒๕๖๗)	ทรัพย์สิน รายการที่ ๒๗๕ ตามคำสั่ง ที่ ย. ๑/๒๕๖๗ ลงวันที่ ๑๒ มกราคม ๒๕๖๗
๒๖๓	สร้อยข้อมือเจ๊ยเลสทองพ่อฟ้า น้ำหนัก ๑๙.๗ กรัม	๑ เส้น	นางสาววรนุช กุลจิตติเดโช	๒๐,๐๐๐ บาท (ณ วันที่ ๑๘ กุมภาพันธ์ ๒๕๖๗)	ทรัพย์สิน รายการที่ ๒๗๖ ตามคำสั่ง ที่ ย. ๑/๒๕๖๗ ลงวันที่ ๑๒ มกราคม ๒๕๖๗
๒๖๔	สร้อยข้อมือเจ๊ยเลสไม้สัก สลักมังกร น้ำหนัก ๒๗.๓ กรัม	๑ เส้น	นางสาววรนุช กุลจิตติเดโช	๒๐,๐๐๐ บาท (ณ วันที่ ๑๘ กุมภาพันธ์ ๒๕๖๗)	ทรัพย์สิน รายการที่ ๒๗๗ ตามคำสั่ง ที่ ย. ๑/๒๕๖๗ ลงวันที่ ๑๒ มกราคม ๒๕๖๗
๒๖๕	ต่างหูทองเจ๊ยพลอยขาว (SWAROVSKI) น้ำหนัก ๑.๒ กรัม	๑ คู่	นางสาววรนุช กุลจิตติเดโช	๑,๕๐๐ บาท (ณ วันที่ ๑๘ กุมภาพันธ์ ๒๕๖๗)	ทรัพย์สิน รายการที่ ๒๗๘ ตามคำสั่ง ที่ ย. ๑/๒๕๖๗ ลงวันที่ ๑๒ มกราคม ๒๕๖๗
๒๖๖	เหรียญหลวงพ่อเกษม รุ่นพิเศษ เนื้อทองแดง	๑ องค์	นางสาววรนุช กุลจิตติเดโช	๑,๐๐๐ บาท (ณ วันที่ ๑๘ กุมภาพันธ์ ๒๕๖๗)	ทรัพย์สิน รายการที่ ๒๗๙ ตามคำสั่ง ที่ ย. ๑/๒๕๖๗ ลงวันที่ ๑๒ มกราคม ๒๕๖๗
๒๖๗	เหรียญหลวงพ่อพร เนื้อฝาบาตร รุ่นพิเศษ	๑ องค์	นางสาววรนุช กุลจิตติเดโช	๑,๐๐๐ บาท (ณ วันที่ ๑๘ กุมภาพันธ์ ๒๕๖๗)	ทรัพย์สิน รายการที่ ๒๘๐ ตามคำสั่ง ที่ ย. ๑/๒๕๖๗ ลงวันที่ ๑๒ มกราคม ๒๕๖๗
๒๖๘	พระเนื้อผง วัดไร่ขิง เนื้อผง	๑ องค์	นางสาววรนุช กุลจิตติเดโช	๑,๐๐๐ บาท (ณ วันที่ ๑๘ กุมภาพันธ์ ๒๕๖๗)	ทรัพย์สิน รายการที่ ๒๘๑ ตามคำสั่ง ที่ ย. ๑/๒๕๖๗ ลงวันที่ ๑๒ มกราคม ๒๕๖๗
๒๖๙	พระปิดตา เนื้อตะกั่ว วัดโพธิ์ทอง	๑ องค์	นางสาววรนุช กุลจิตติเดโช	๑,๐๐๐ บาท (ณ วันที่ ๑๘ กุมภาพันธ์ ๒๕๖๗)	ทรัพย์สิน รายการที่ ๒๘๒ ตามคำสั่ง ที่ ย. ๑/๒๕๖๗ ลงวันที่ ๑๒ มกราคม ๒๕๖๗
๒๗๐	เหรียญเสมา หลวงปู่หลิว เนื้อทองแดง วัดหนองปลาไหล	๑ องค์	นางสาววรนุช กุลจิตติเดโช	๑,๐๐๐ บาท (ณ วันที่ ๑๘ กุมภาพันธ์ ๒๕๖๗)	ทรัพย์สิน รายการที่ ๒๘๓ ตามคำสั่ง ที่ ย. ๑/๒๕๖๗ ลงวันที่ ๑๒ มกราคม ๒๕๖๗
๒๗๑	เหรียญเสมา หลวงปู่หลิว วัดหนองปลาไหล เนื้อทองแดง	๑ องค์	นางสาววรนุช กุลจิตติเดโช	๑,๐๐๐ บาท (ณ วันที่ ๑๘ กุมภาพันธ์ ๒๕๖๗)	ทรัพย์สิน รายการที่ ๒๘๔ ตามคำสั่ง ที่ ย. ๑/๒๕๖๗ ลงวันที่ ๑๒ มกราคม ๒๕๖๗
๒๗๒	เหรียญเสมา หลวงพ่อหลิว วัดหนองปลาไหล เนื้อทองแดง เลี่ยงกรอบรูปร	๑ องค์	นางสาววรนุช กุลจิตติเดโช	๑,๐๐๐ บาท (ณ วันที่ ๑๘ กุมภาพันธ์ ๒๕๖๗)	ทรัพย์สิน รายการที่ ๒๘๕ ตามคำสั่ง ที่ ย. ๑/๒๕๖๗ ลงวันที่ ๑๒ มกราคม ๒๕๖๗
๒๗๓	เหรียญเสมา หลวงพ่อหลิว วัดหนองปลาไหล เนื้อทองแดง เลี่ยงกรอบรูปร	๑ องค์	นางสาววรนุช กุลจิตติเดโช	๑,๐๐๐ บาท (ณ วันที่ ๑๘ กุมภาพันธ์ ๒๕๖๗)	ทรัพย์สิน รายการที่ ๒๘๖ ตามคำสั่ง ที่ ย. ๑/๒๕๖๗ ลงวันที่ ๑๒ มกราคม ๒๕๖๗
๒๗๔	เหรียญเสมา หลวงพ่อหลิว วัดหนองปลาไหล เนื้อทองแดง เลี่ยงกรอบรูปร	๑ องค์	นางสาววรนุช กุลจิตติเดโช	๑,๐๐๐ บาท (ณ วันที่ ๑๘ กุมภาพันธ์ ๒๕๖๗)	ทรัพย์สิน รายการที่ ๒๘๗ ตามคำสั่ง ที่ ย. ๑/๒๕๖๗ ลงวันที่ ๑๒ มกราคม ๒๕๖๗
๒๗๕	รูปหล่อสมเด็จ เนื้อผง รุ่น ๑๐๘ ปี	๑ องค์	นางสาววรนุช กุลจิตติเดโช	๑,๐๐๐ บาท (ณ วันที่ ๑๘ กุมภาพันธ์ ๒๕๖๗)	ทรัพย์สิน รายการที่ ๒๘๘ ตามคำสั่ง ที่ ย. ๑/๒๕๖๗ ลงวันที่ ๑๒ มกราคม ๒๕๖๗
๒๗๖	พระผงพุทธ วัดบ้านแหลม-วัดเขา-โลตร	๑ องค์	นางสาววรนุช กุลจิตติเดโช	๑,๐๐๐ บาท (ณ วันที่ ๑๘ กุมภาพันธ์ ๒๕๖๗)	ทรัพย์สิน รายการที่ ๒๘๙ ตามคำสั่ง ที่ ย. ๑/๒๕๖๗ ลงวันที่ ๑๒ มกราคม ๒๕๖๗
๒๗๗	เครื่องราง เม็ดยา	๑ องค์	นางสาววรนุช กุลจิตติเดโช	๑,๐๐๐ บาท (ณ วันที่ ๑๘ กุมภาพันธ์ ๒๕๖๗)	ทรัพย์สิน รายการที่ ๒๙๐ ตามคำสั่ง ที่ ย. ๑/๒๕๖๗ ลงวันที่ ๑๒ มกราคม ๒๕๖๗
๒๗๘	เครื่องแปะโรงสี เนื้อฝาบาตร เหรียญเลือดแดง	๑ องค์	นางสาววรนุช กุลจิตติเดโช	๒,๕๐๐ บาท (ณ วันที่ ๑๘ กุมภาพันธ์ ๒๕๖๗)	ทรัพย์สิน รายการที่ ๒๙๑ ตามคำสั่ง ที่ ย. ๑/๒๕๖๗ ลงวันที่ ๑๒ มกราคม ๒๕๖๗
๒๗๙	รูปถ่ายพระธาตุพนม	๑ องค์	นางสาววรนุช กุลจิตติเดโช	๑,๐๐๐ บาท (ณ วันที่ ๑๘ กุมภาพันธ์ ๒๕๖๗)	ทรัพย์สิน รายการที่ ๒๙๒ ตามคำสั่ง ที่ ย. ๑/๒๕๖๗ ลงวันที่ ๑๒ มกราคม ๒๕๖๗
๒๘๐	เครื่องรางผ้ายันต์	๑ องค์	นางสาววรนุช กุลจิตติเดโช	๓,๐๐๐ บาท (ณ วันที่ ๑๘ กุมภาพันธ์ ๒๕๖๗)	ทรัพย์สิน รายการที่ ๒๙๓ ตามคำสั่ง ที่ ย. ๑/๒๕๖๗ ลงวันที่ ๑๒ มกราคม ๒๕๖๗
๒๘๑	เครื่องรางผ้ายันต์	๑ องค์	นางสาววรนุช กุลจิตติเดโช	๓,๐๐๐ บาท (ณ วันที่ ๑๘ กุมภาพันธ์ ๒๕๖๗)	ทรัพย์สิน รายการที่ ๒๙๔ ตามคำสั่ง ที่ ย. ๑/๒๕๖๗ ลงวันที่ ๑๒ มกราคม ๒๕๖๗
๒๘๒	หลวงปู่หมุน วัดบ้านจาน ๒๕๔๐ ครบรอบ ๑๑๖ ปี ฐานกาง มีหมายเลข ๑๐๕ เนื้อทองแดง ๒๕๓๗ ตามลี เลี่ยมทอง	๑ องค์	นางสาววรนุช กุลจิตติเดโช	๓๕,๐๐๐ บาท (ณ วันที่ ๑๘ กุมภาพันธ์ ๒๕๖๗)	ทรัพย์สิน รายการที่ ๒๙๕ ตามคำสั่ง ที่ ย. ๑/๒๕๖๗ ลงวันที่ ๑๒ มกราคม ๒๕๖๗
๒๘๓	หลวงพ่อหลิว เนื้อทองเหลือง เลี่ยมทอง	๑ องค์	นางสาววรนุช กุลจิตติเดโช	๑๐,๐๐๐ บาท (ณ วันที่ ๑๘ กุมภาพันธ์ ๒๕๖๗)	ทรัพย์สิน รายการที่ ๒๙๖ ตามคำสั่ง ที่ ย. ๑/๒๕๖๗ ลงวันที่ ๑๒ มกราคม ๒๕๖๗
๒๘๔	พระปิดตา เนื้อตะกั่ว พิมพ์ชิ่ง ตอกแดง หลวงปู่โต๊ะ วัดประดู่ฉิมพลี เลี่ยมทอง	๑ องค์	นางสาววรนุช กุลจิตติเดโช	๒๓,๐๐๐ บาท (ณ วันที่ ๑๘ กุมภาพันธ์ ๒๕๖๗)	ทรัพย์สิน รายการที่ ๒๙๗ ตามคำสั่ง ที่ ย. ๑/๒๕๖๗ ลงวันที่ ๑๒ มกราคม ๒๕๖๗
๒๘๕	พระเนื้อผงเกสร พิมพ์ตรีกรมฐาน หลวงปู่โต๊ะ ๒๕๑๑	๑ องค์	นางสาววรนุช กุลจิตติเดโช	๒๓,๐๐๐ บาท (ณ วันที่ ๑๘ กุมภาพันธ์ ๒๕๖๗)	ทรัพย์สิน รายการที่ ๒๙๘ ตามคำสั่ง ที่ ย. ๑/๒๕๖๗ ลงวันที่ ๑๒ มกราคม ๒๕๖๗
๒๘๖	เหรียญรุ่นวัง หลวงพ่อเงิน วัดบางพระ เนื้อทองแดง	๑ องค์	นางสาววรนุช กุลจิตติเดโช	๑๕,๐๐๐ บาท (ณ วันที่ ๑๘ กุมภาพันธ์ ๒๕๖๗)	ทรัพย์สิน รายการที่ ๒๙๙ ตามคำสั่ง ที่ ย. ๑/๒๕๖๗ ลงวันที่ ๑๒ มกราคม ๒๕๖๗
๒๘๗	ไอ้ไข่ วัดเจดีย์	๑ องค์	นางสาววรนุช กุลจิตติเดโช	๑,๐๐๐ บาท (ณ วันที่ ๑๘ กุมภาพันธ์ ๒๕๖๗)	ทรัพย์สิน รายการที่ ๓๐๐ ตามคำสั่ง ที่ ย. ๑/๒๕๖๗ ลงวันที่ ๑๒ มกราคม ๒๕๖๗
๒๘๘	เหรียญอ้นต์ แปะโรงสี	๑ องค์	นางสาววรนุช กุลจิตติเดโช	๑,๐๐๐ บาท (ณ วันที่ ๑๘ กุมภาพันธ์ ๒๕๖๗)	ทรัพย์สิน รายการที่ ๓๐๑ ตามคำสั่ง ที่ ย. ๑/๒๕๖๗ ลงวันที่ ๑๒ มกราคม ๒๕๖๗
๒๘๙	เหรียญพระนวลสุวรรณ เนื้อผง วัดพุทธบาทธวน	๑ องค์	นางสาววรนุช กุลจิตติเดโช	๑,๐๐๐ บาท (ณ วันที่ ๑๘ กุมภาพันธ์ ๒๕๖๗)	ทรัพย์สิน รายการที่ ๓๐๒ ตามคำสั่ง ที่ ย. ๑/๒๕๖๗ ลงวันที่ ๑๒ มกราคม ๒๕๖๗
